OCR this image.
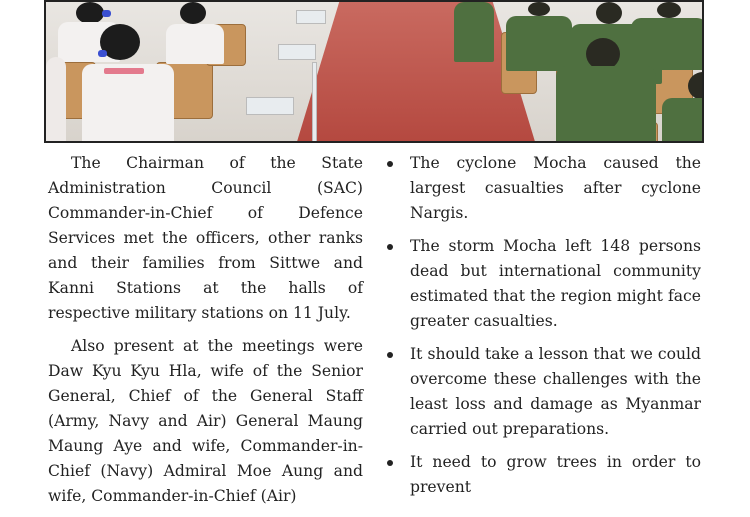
The Chairman of the State Administration Council (SAC) Commander-in-Chief of Defence Services met the officers, other ranks and their families from Sittwe and Kanni Stations at the halls of respective military stations on 11 July.

Also present at the meetings were Daw Kyu Kyu Hla, wife of the Senior General, Chief of the General Staff (Army, Navy and Air) General Maung Maung Aye and wife, Commander-in-Chief (Navy) Admiral Moe Aung and wife, Commander-in-Chief (Air)

The cyclone Mocha caused the largest casualties after cyclone Nargis.
The storm Mocha left 148 persons dead but international community estimated that the region might face greater casualties.
It should take a lesson that we could overcome these challenges with the least loss and damage as Myanmar carried out preparations.
It need to grow trees in order to prevent
